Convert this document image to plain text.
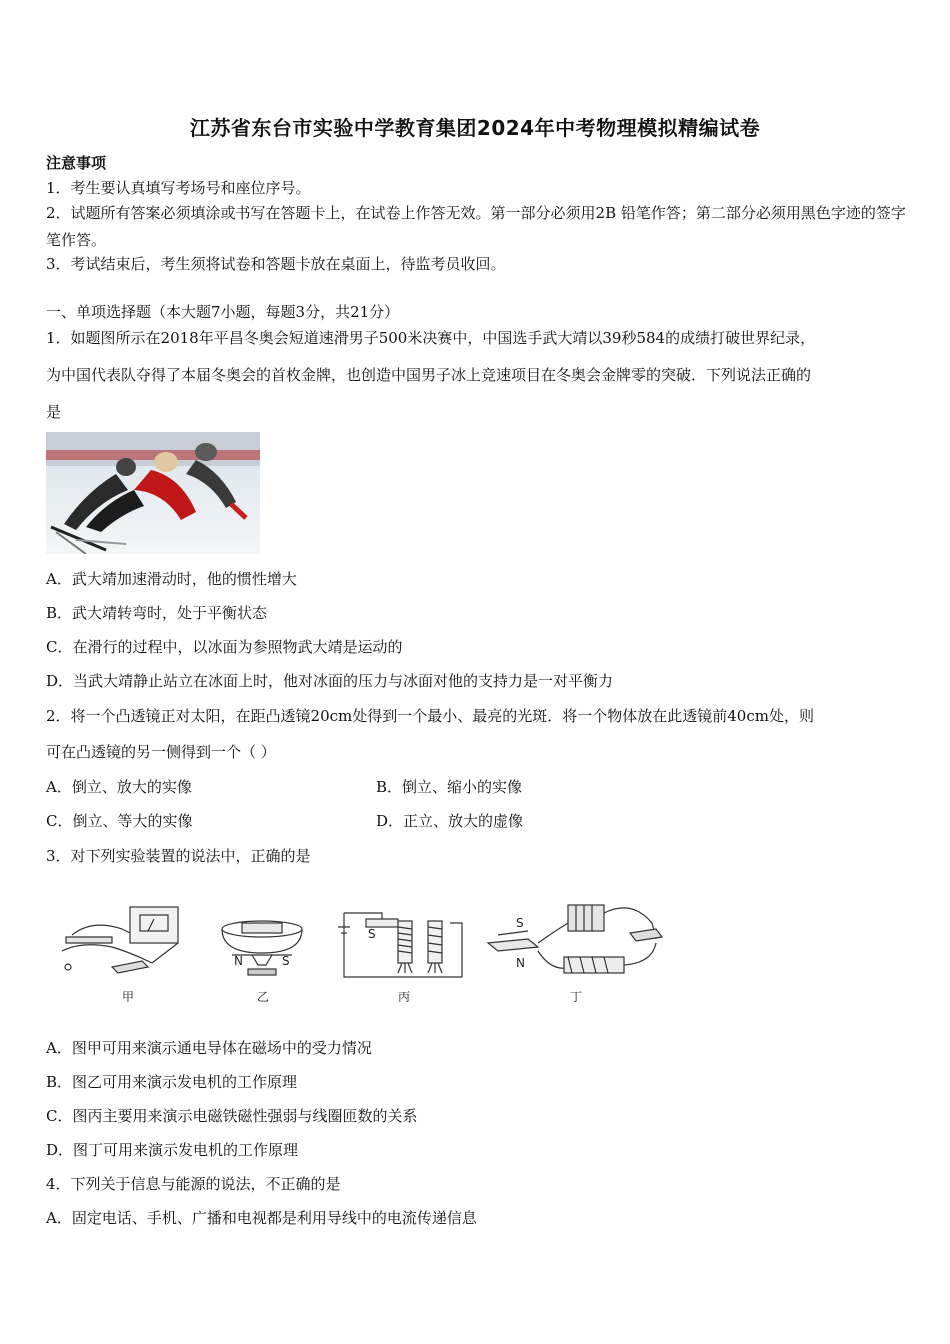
江苏省东台市实验中学教育集团2024年中考物理模拟精编试卷
注意事项
1．考生要认真填写考场号和座位序号。
2．试题所有答案必须填涂或书写在答题卡上，在试卷上作答无效。第一部分必须用2B 铅笔作答；第二部分必须用黑色字迹的签字笔作答。
3．考试结束后，考生须将试卷和答题卡放在桌面上，待监考员收回。
一、单项选择题（本大题7小题，每题3分，共21分）
1．如题图所示在2018年平昌冬奥会短道速滑男子500米决赛中，中国选手武大靖以39秒584的成绩打破世界纪录，
为中国代表队夺得了本届冬奥会的首枚金牌，也创造中国男子冰上竞速项目在冬奥会金牌零的突破．下列说法正确的
是
A．武大靖加速滑动时，他的惯性增大
B．武大靖转弯时，处于平衡状态
C．在滑行的过程中，以冰面为参照物武大靖是运动的
D．当武大靖静止站立在冰面上时，他对冰面的压力与冰面对他的支持力是一对平衡力
2．将一个凸透镜正对太阳，在距凸透镜20cm处得到一个最小、最亮的光斑．将一个物体放在此透镜前40cm处，则
可在凸透镜的另一侧得到一个（ ）
A．倒立、放大的实像	B．倒立、缩小的实像
C．倒立、等大的实像	D．正立、放大的虚像
3．对下列实验装置的说法中，正确的是
甲
N	S
乙
S
丙
S
N
丁
A．图甲可用来演示通电导体在磁场中的受力情况
B．图乙可用来演示发电机的工作原理
C．图丙主要用来演示电磁铁磁性强弱与线圈匝数的关系
D．图丁可用来演示发电机的工作原理
4．下列关于信息与能源的说法，不正确的是
A．固定电话、手机、广播和电视都是利用导线中的电流传递信息
